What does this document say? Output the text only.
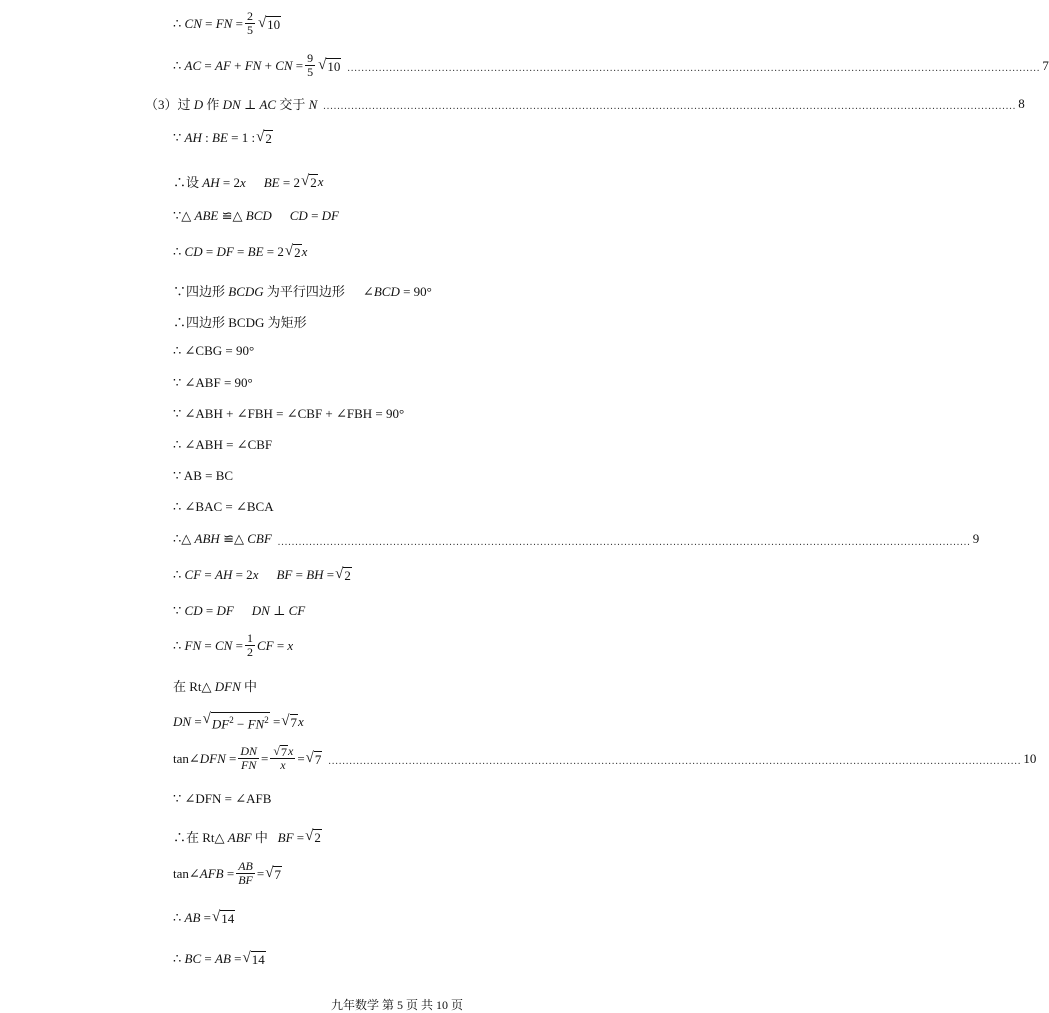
∴ CN = FN = $\frac{2}{5}$ √ 10
∴ AC = AF + FN + CN = $\frac{9}{5}$ √ 10 ...................................................................................................................................................................................................... 7
（3）过 D 作 DN ⊥ AC 交于 N ...................................................................................................................................................................................................... 8
∵ AH : BE = 1 : √ 2
∴设 AH = 2x BE = 2 √ 2 x
∵△ ABE ≌△ BCD CD = DF
∴ CD = DF = BE = 2 √ 2 x
∵四边形 BCDG 为平行四边形 ∠BCD = 90°
∴四边形 BCDG 为矩形
∴ ∠CBG = 90°
∵ ∠ABF = 90°
∵ ∠ABH + ∠FBH = ∠CBF + ∠FBH = 90°
∴ ∠ABH = ∠CBF
∵ AB = BC
∴ ∠BAC = ∠BCA
∴△ ABH ≌△ CBF ...................................................................................................................................................................................................... 9
∴ CF = AH = 2x BF = BH = √ 2
∵ CD = DF DN ⊥ CF
∴ FN = CN = $\frac{1}{2}$ CF = x
在 Rt△ DFN 中
DN = √ $DF^2 - FN^2$ = √ 7 x
tan∠DFN = $\frac{DN}{FN} = \frac{√ 7 x}{x}$ = √ 7 ...................................................................................................................................................................................................... 10
∵ ∠DFN = ∠AFB
∴在 Rt△ ABF 中   BF = √ 2
tan∠AFB = $\frac{AB}{BF}$ = √ 7
∴ AB = √ 14
∴ BC = AB = √ 14
九年数学 第 5 页 共 10 页
